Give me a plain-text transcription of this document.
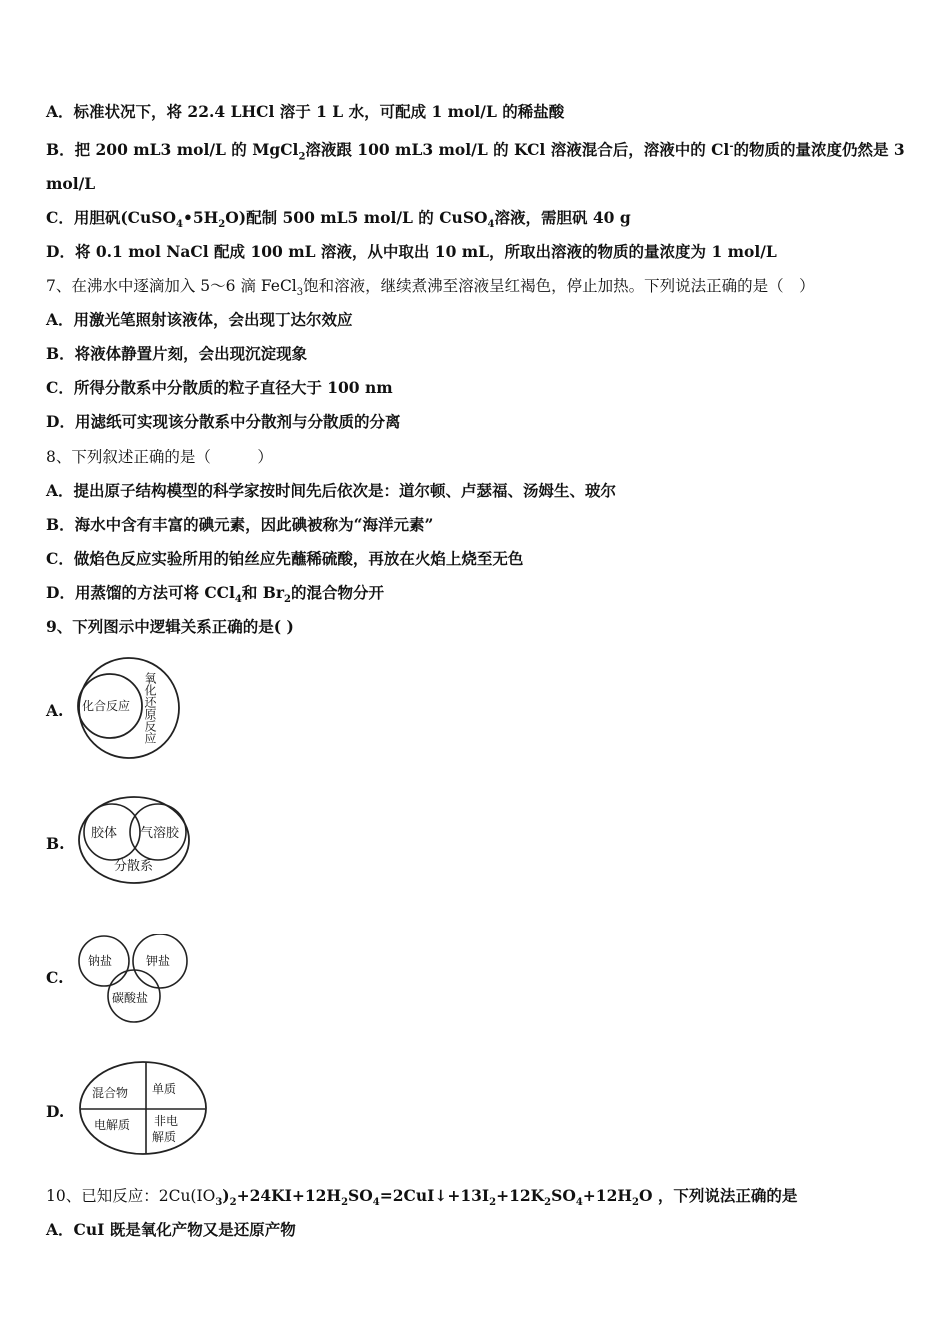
A．标准状况下，将 22.4 LHCl 溶于 1 L 水，可配成 1 mol/L 的稀盐酸
B．把 200 mL3 mol/L 的 MgCl$_2$溶液跟 100 mL3 mol/L 的 KCl 溶液混合后，溶液中的 Cl-的物质的量浓度仍然是 3
mol/L
C．用胆矾$(CuSO_4•5H_2O)$配制 500 mL5 mol/L 的 CuSO$_4$溶液，需胆矾 40 g
D．将 0.1 mol NaCl 配成 100 mL 溶液，从中取出 10 mL，所取出溶液的物质的量浓度为 1 mol/L
7、在沸水中逐滴加入 5～6 滴 FeCl$_3$饱和溶液，继续煮沸至溶液呈红褐色，停止加热。下列说法正确的是（　）
A．用激光笔照射该液体，会出现丁达尔效应
B．将液体静置片刻，会出现沉淀现象
C．所得分散系中分散质的粒子直径大于 100 nm
D．用滤纸可实现该分散系中分散剂与分散质的分离
8、下列叙述正确的是（　　　）
A．提出原子结构模型的科学家按时间先后依次是：道尔顿、卢瑟福、汤姆生、玻尔
B．海水中含有丰富的碘元素，因此碘被称为“海洋元素”
C．做焰色反应实验所用的铂丝应先蘸稀硫酸，再放在火焰上烧至无色
D．用蒸馏的方法可将 CCl$_4$和 $Br_2$的混合物分开
9、下列图示中逻辑关系正确的是( )
A. 化合反应 氧化还原反应
B.
胶体 气溶胶
分散系
C.
钠盐	钾盐
碳酸盐
D.
混合物 单质
电解质 非电
解质
10、已知反应：$2Cu(IO_3)_2+24KI+12H_2SO_4=2CuI↓+13I_2+12K_2SO_4+12H_2O$ ，下列说法正确的是
A．CuI 既是氧化产物又是还原产物
